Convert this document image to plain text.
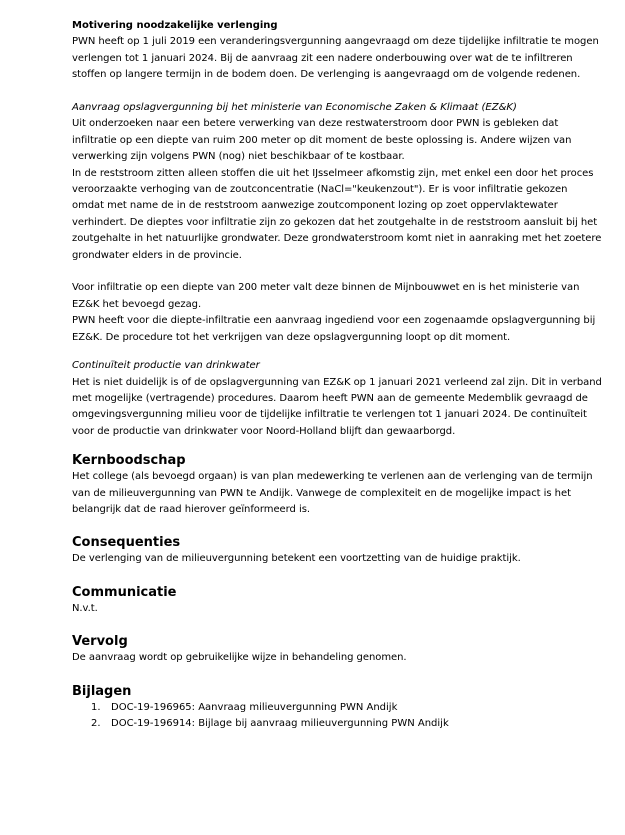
Motivering noodzakelijke verlenging

PWN heeft op 1 juli 2019 een veranderingsvergunning aangevraagd om deze tijdelijke infiltratie te mogen verlengen tot 1 januari 2024. Bij de aanvraag zit een nadere onderbouwing over wat de te infiltreren stoffen op langere termijn in de bodem doen. De verlenging is aangevraagd om de volgende redenen.

Aanvraag opslagvergunning bij het ministerie van Economische Zaken & Klimaat (EZ&K)

Uit onderzoeken naar een betere verwerking van deze restwaterstroom door PWN is gebleken dat infiltratie op een diepte van ruim 200 meter op dit moment de beste oplossing is. Andere wijzen van verwerking zijn volgens PWN (nog) niet beschikbaar of te kostbaar.

In de reststroom zitten alleen stoffen die uit het IJsselmeer afkomstig zijn, met enkel een door het proces veroorzaakte verhoging van de zoutconcentratie (NaCl="keukenzout"). Er is voor infiltratie gekozen omdat met name de in de reststroom aanwezige zoutcomponent lozing op zoet oppervlaktewater verhindert. De dieptes voor infiltratie zijn zo gekozen dat het zoutgehalte in de reststroom aansluit bij het zoutgehalte in het natuurlijke grondwater. Deze grondwaterstroom komt niet in aanraking met het zoetere grondwater elders in de provincie.

Voor infiltratie op een diepte van 200 meter valt deze binnen de Mijnbouwwet en is het ministerie van EZ&K het bevoegd gezag.

PWN heeft voor die diepte-infiltratie een aanvraag ingediend voor een zogenaamde opslagvergunning bij EZ&K. De procedure tot het verkrijgen van deze opslagvergunning loopt op dit moment.

Continuïteit productie van drinkwater

Het is niet duidelijk is of de opslagvergunning van EZ&K op 1 januari 2021 verleend zal zijn. Dit in verband met mogelijke (vertragende) procedures. Daarom heeft PWN aan de gemeente Medemblik gevraagd de omgevingsvergunning milieu voor de tijdelijke infiltratie te verlengen tot 1 januari 2024. De continuïteit voor de productie van drinkwater voor Noord-Holland blijft dan gewaarborgd.

Kernboodschap

Het college (als bevoegd orgaan) is van plan medewerking te verlenen aan de verlenging van de termijn van de milieuvergunning van PWN te Andijk. Vanwege de complexiteit en de mogelijke impact is het belangrijk dat de raad hierover geïnformeerd is.

Consequenties

De verlenging van de milieuvergunning betekent een voortzetting van de huidige praktijk.

Communicatie

N.v.t.

Vervolg

De aanvraag wordt op gebruikelijke wijze in behandeling genomen.

Bijlagen

1.	DOC-19-196965: Aanvraag milieuvergunning PWN Andijk
2.	DOC-19-196914: Bijlage bij aanvraag milieuvergunning PWN Andijk
